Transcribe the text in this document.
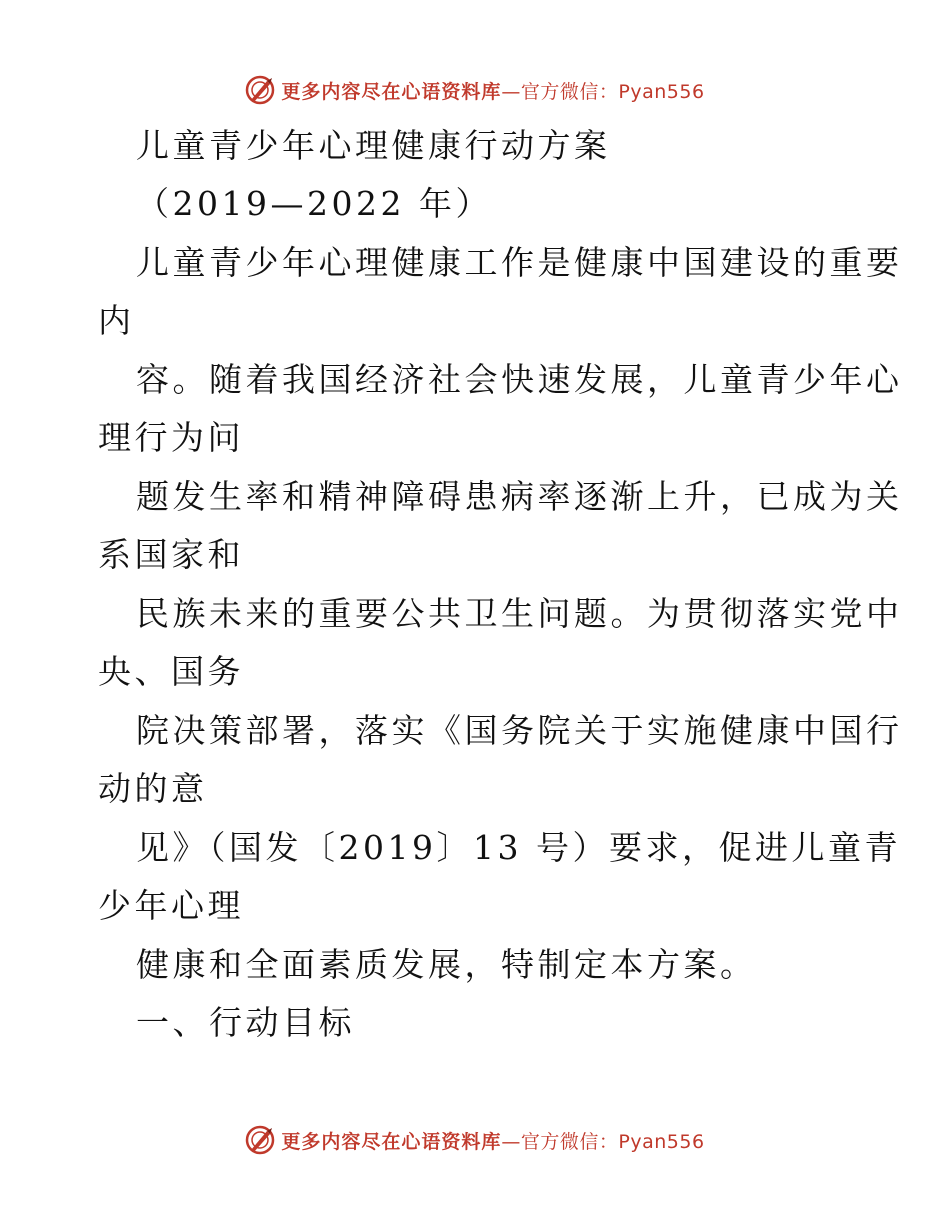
更多内容尽在心语资料库 —官方微信：Pyan556
儿童青少年心理健康行动方案
（2019—2022 年）
儿童青少年心理健康工作是健康中国建设的重要
内
容。随着我国经济社会快速发展，儿童青少年心
理行为问
题发生率和精神障碍患病率逐渐上升，已成为关
系国家和
民族未来的重要公共卫生问题。为贯彻落实党中
央、国务
院决策部署，落实《国务院关于实施健康中国行
动的意
见》（国发〔2019〕13 号）要求，促进儿童青
少年心理
健康和全面素质发展，特制定本方案。
一、行动目标
更多内容尽在心语资料库 —官方微信：Pyan556
